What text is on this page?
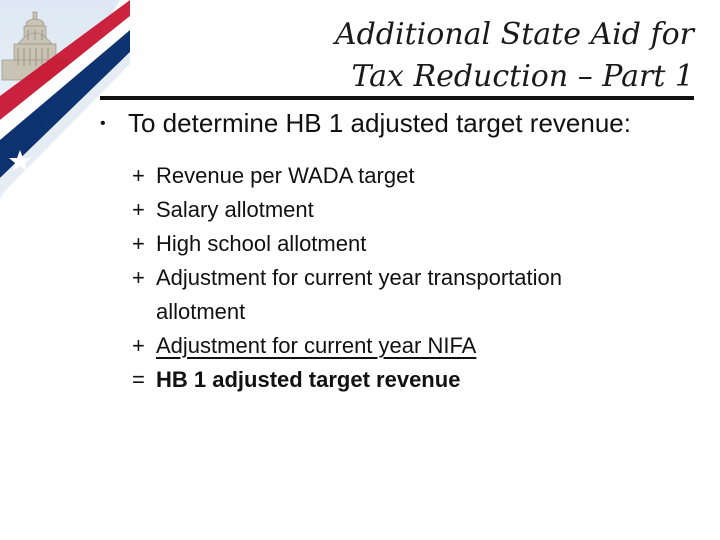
Additional State Aid for
Tax Reduction – Part 1
• To determine HB 1 adjusted target revenue:
+ Revenue per WADA target
+ Salary allotment
+ High school allotment
+ Adjustment for current year transportation
allotment
+ Adjustment for current year NIFA
= HB 1 adjusted target revenue
